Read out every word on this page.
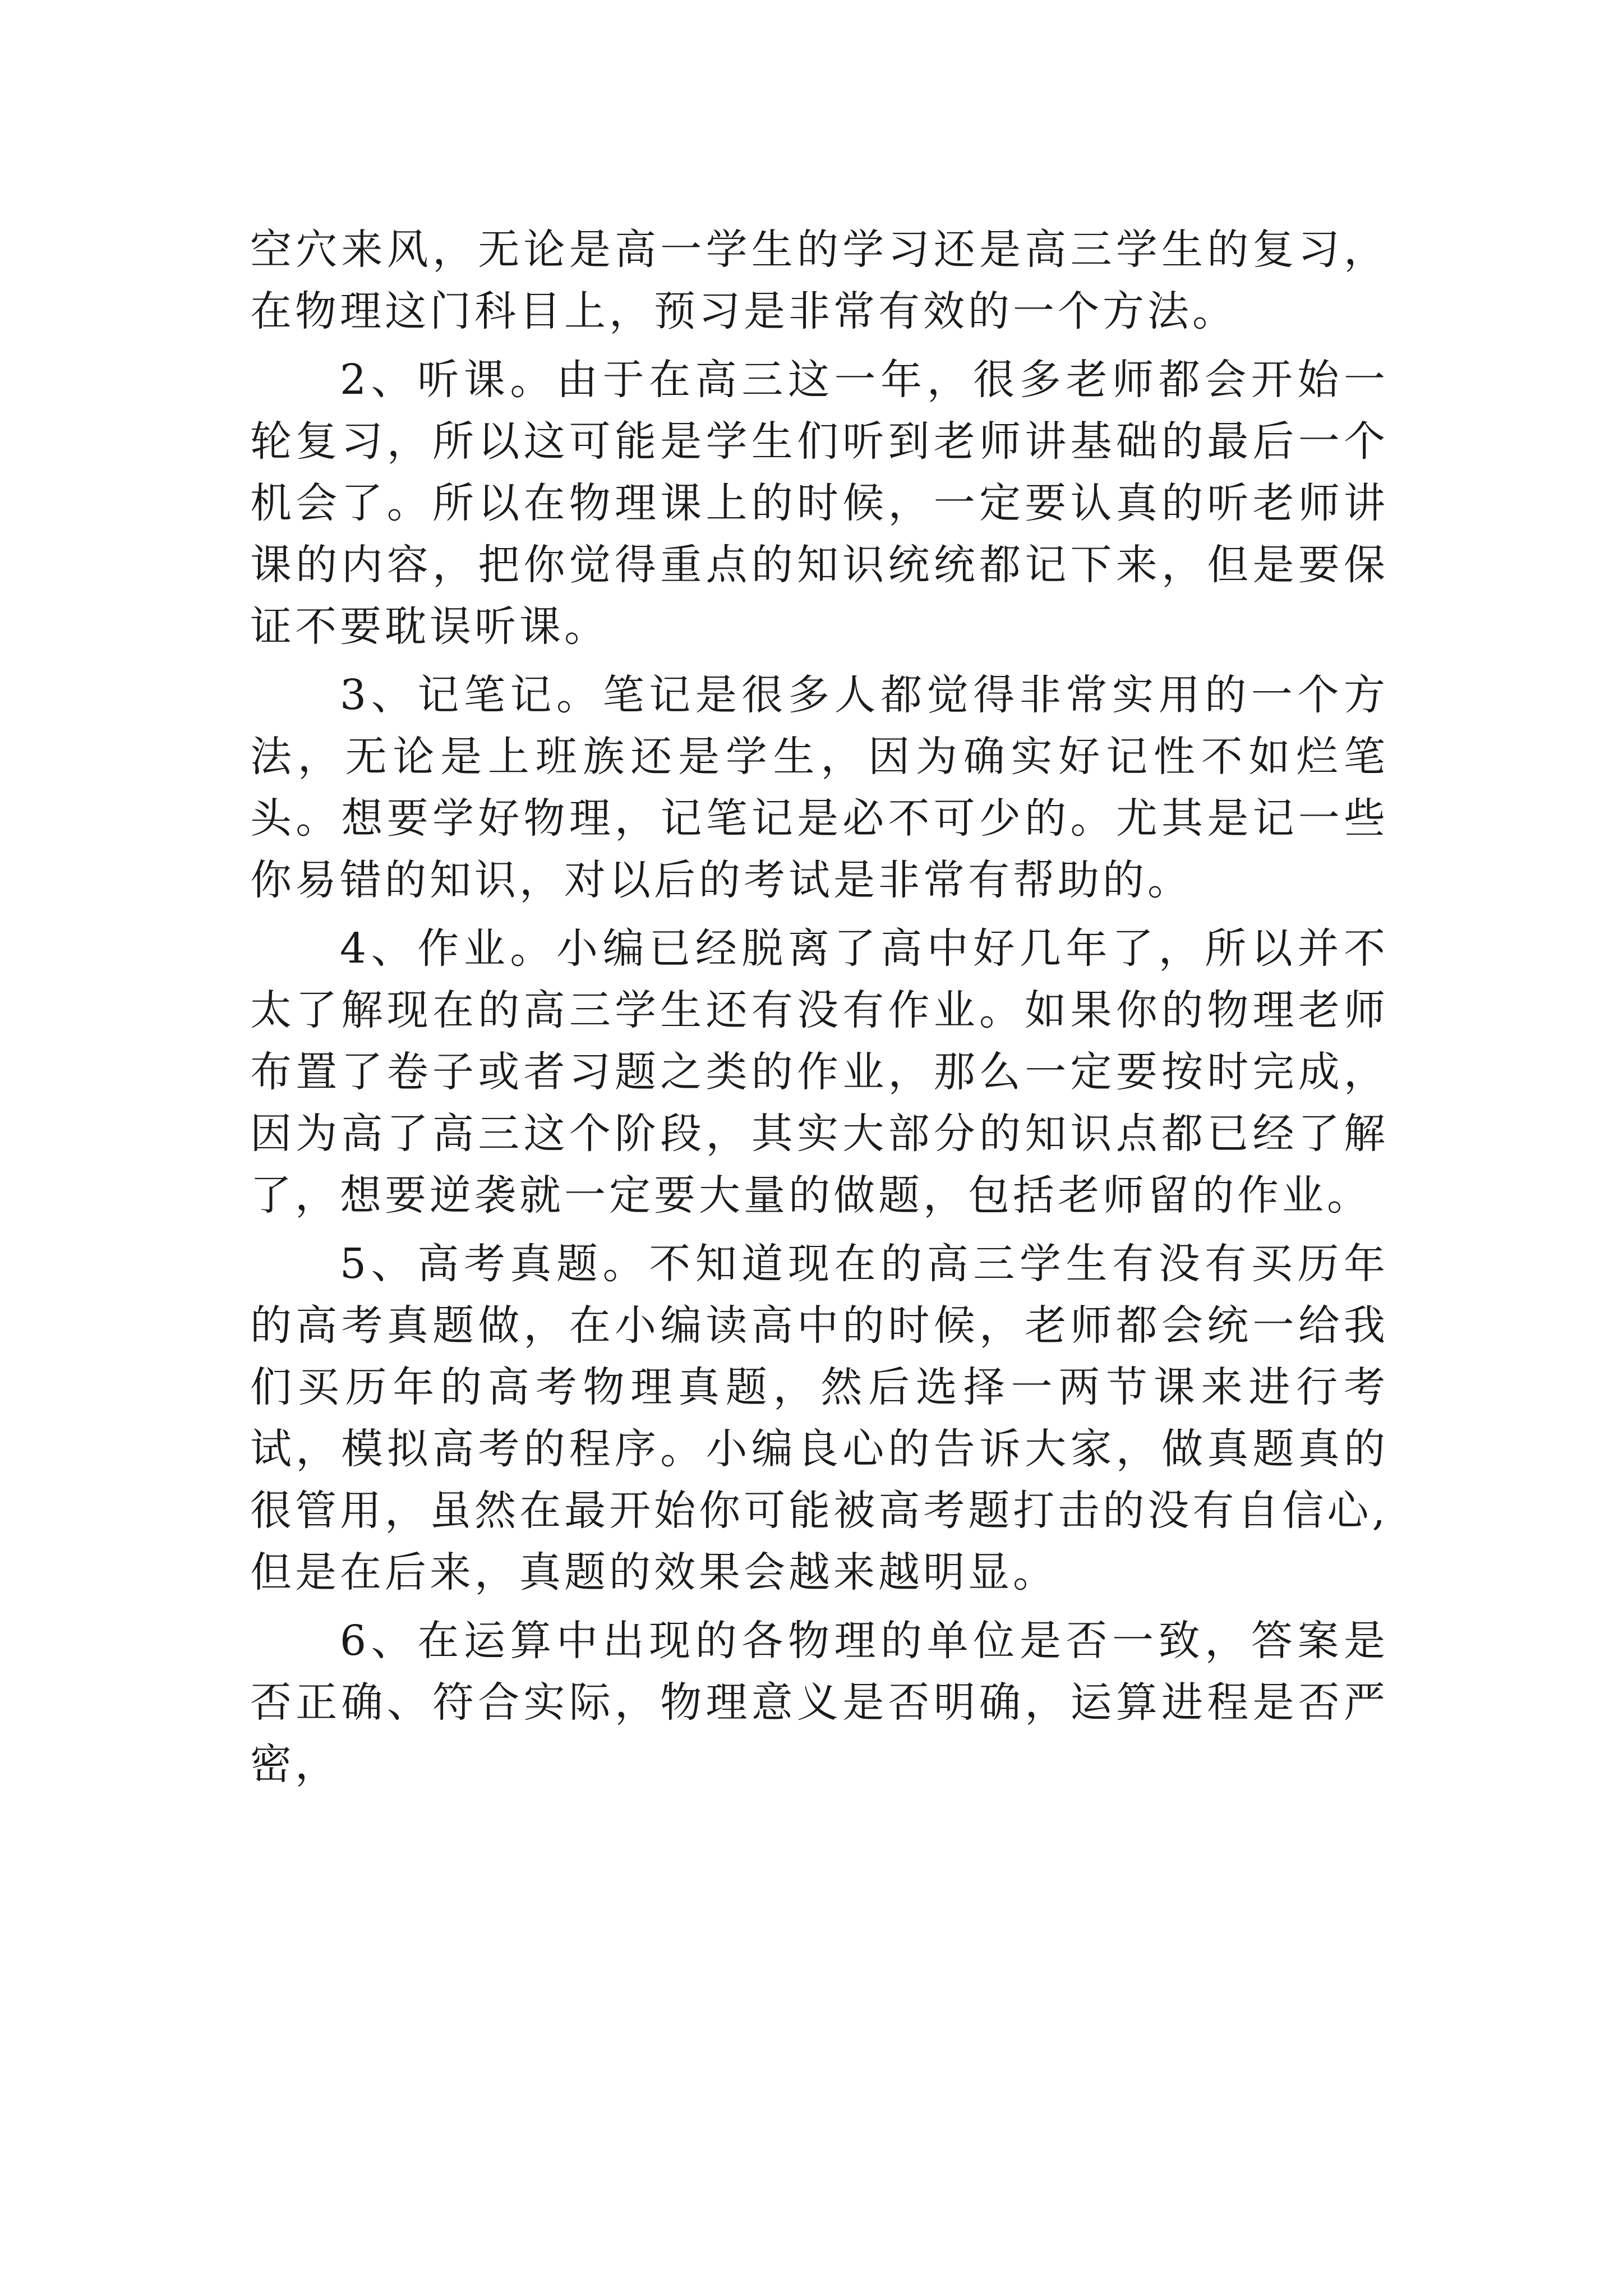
空穴来风，无论是高一学生的学习还是高三学生的复习，在物理这门科目上，预习是非常有效的一个方法。

2、听课。由于在高三这一年，很多老师都会开始一轮复习，所以这可能是学生们听到老师讲基础的最后一个机会了。所以在物理课上的时候，一定要认真的听老师讲课的内容，把你觉得重点的知识统统都记下来，但是要保证不要耽误听课。

3、记笔记。笔记是很多人都觉得非常实用的一个方法，无论是上班族还是学生，因为确实好记性不如烂笔头。想要学好物理，记笔记是必不可少的。尤其是记一些你易错的知识，对以后的考试是非常有帮助的。

4、作业。小编已经脱离了高中好几年了，所以并不太了解现在的高三学生还有没有作业。如果你的物理老师布置了卷子或者习题之类的作业，那么一定要按时完成，因为高了高三这个阶段，其实大部分的知识点都已经了解了，想要逆袭就一定要大量的做题，包括老师留的作业。

5、高考真题。不知道现在的高三学生有没有买历年的高考真题做，在小编读高中的时候，老师都会统一给我们买历年的高考物理真题，然后选择一两节课来进行考试，模拟高考的程序。小编良心的告诉大家，做真题真的很管用，虽然在最开始你可能被高考题打击的没有自信心,但是在后来，真题的效果会越来越明显。

6、在运算中出现的各物理的单位是否一致，答案是否正确、符合实际，物理意义是否明确，运算进程是否严密，
